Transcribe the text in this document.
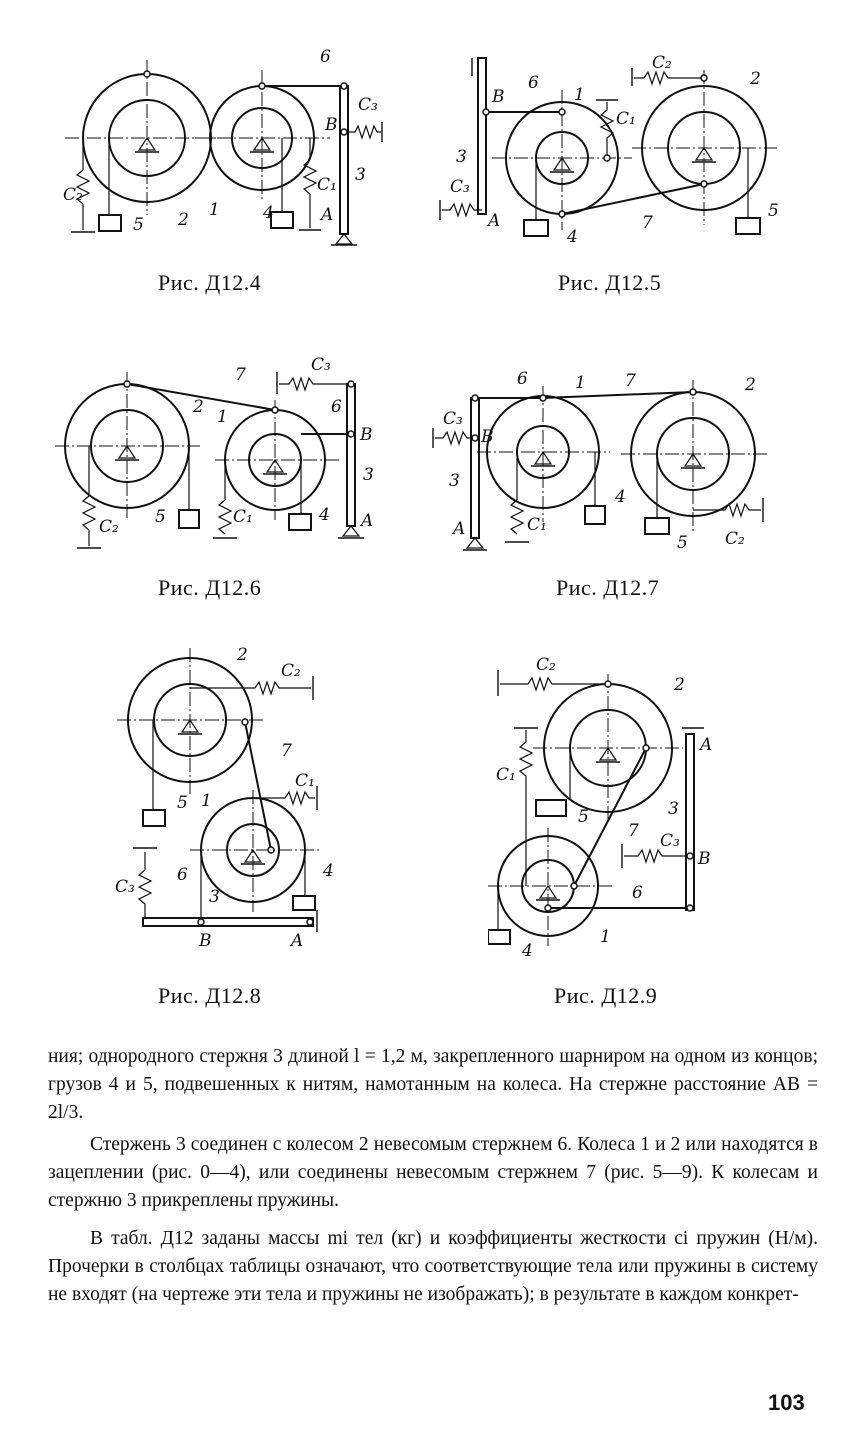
6
B
C₃
3
C₂
5 2 1
C₁
4	A
Рис. Д12.4
B
6
1
C₁
C₂
2
3
C₃
A
4
7
5
Рис. Д12.5
7
2
C₃
1	6
B
3
C₂ 5	C₁	4 A
Рис. Д12.6
6	1 7	2
C₃
B
3
A	C₁
4
5 C₂
Рис. Д12.7
2
C₂
7
C₁
5 1
C₃
6
3
4
B	A
Рис. Д12.8
C₂
2
A
C₁
5
7
3
C₃
B
6
4
1
Рис. Д12.9

ния; однородного стержня 3 длиной l = 1,2 м, закрепленного шарниром на одном из концов; грузов 4 и 5, подвешенных к нитям, намотанным на колеса. На стержне расстояние AB = 2l/3.

Стержень 3 соединен с колесом 2 невесомым стержнем 6. Колеса 1 и 2 или находятся в зацеплении (рис. 0—4), или соединены невесомым стержнем 7 (рис. 5—9). К колесам и стержню 3 прикреплены пружины.

В табл. Д12 заданы массы mi тел (кг) и коэффициенты жесткости ci пружин (Н/м). Прочерки в столбцах таблицы означают, что соответствующие тела или пружины в систему не входят (на чертеже эти тела и пружины не изображать); в результате в каждом конкрет-

103
